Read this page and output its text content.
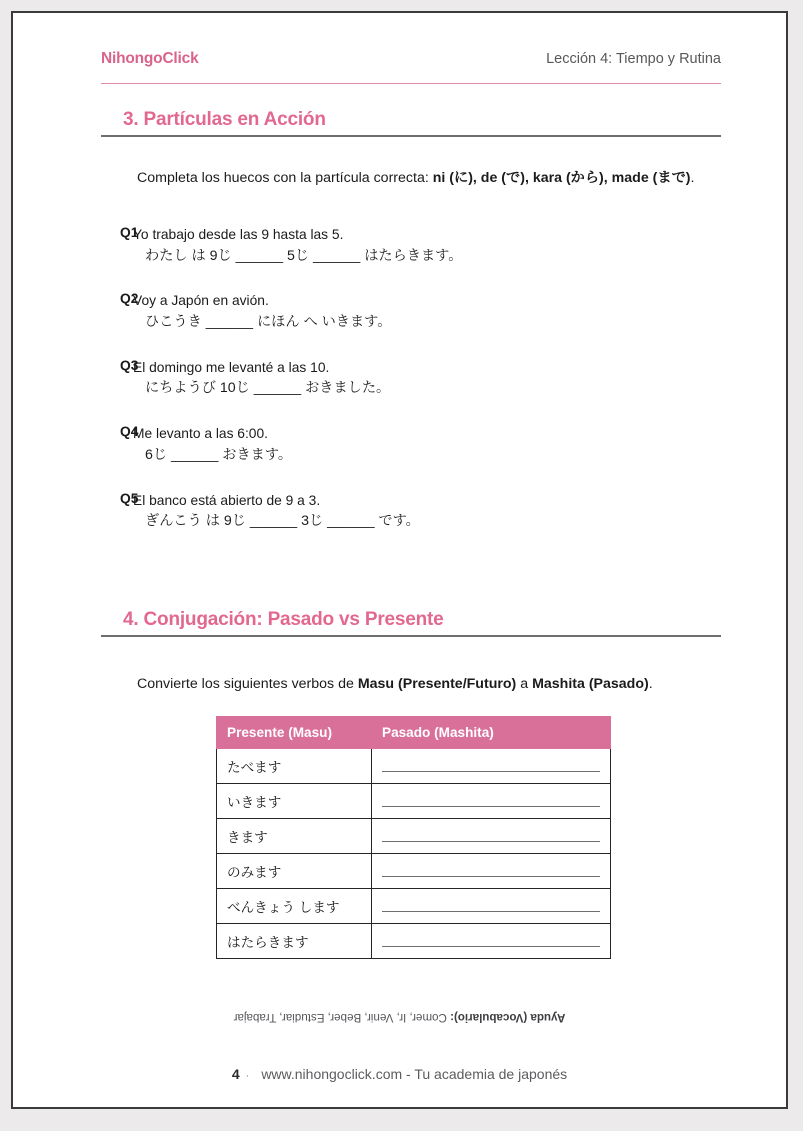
NihongoClick	Lección 4: Tiempo y Rutina
3. Partículas en Acción

Completa los huecos con la partícula correcta: ni (に), de (で), kara (から), made (まで).

Q1
Yo trabajo desde las 9 hasta las 5.
わたし は 9じ ______ 5じ ______ はたらきます。
Q2
Voy a Japón en avión.
ひこうき ______ にほん へ いきます。
Q3
El domingo me levanté a las 10.
にちようび 10じ ______ おきました。
Q4
Me levanto a las 6:00.
6じ ______ おきます。
Q5
El banco está abierto de 9 a 3.
ぎんこう は 9じ ______ 3じ ______ です。
4. Conjugación: Pasado vs Presente

Convierte los siguientes verbos de Masu (Presente/Futuro) a Mashita (Pasado).

Presente (Masu)	Pasado (Mashita)
たべます	

いきます	

きます	

のみます	

べんきょう します	

はたらきます	
Ayuda (Vocabulario): Comer, Ir, Venir, Beber, Estudiar, Trabajar
4 · www.nihongoclick.com - Tu academia de japonés
